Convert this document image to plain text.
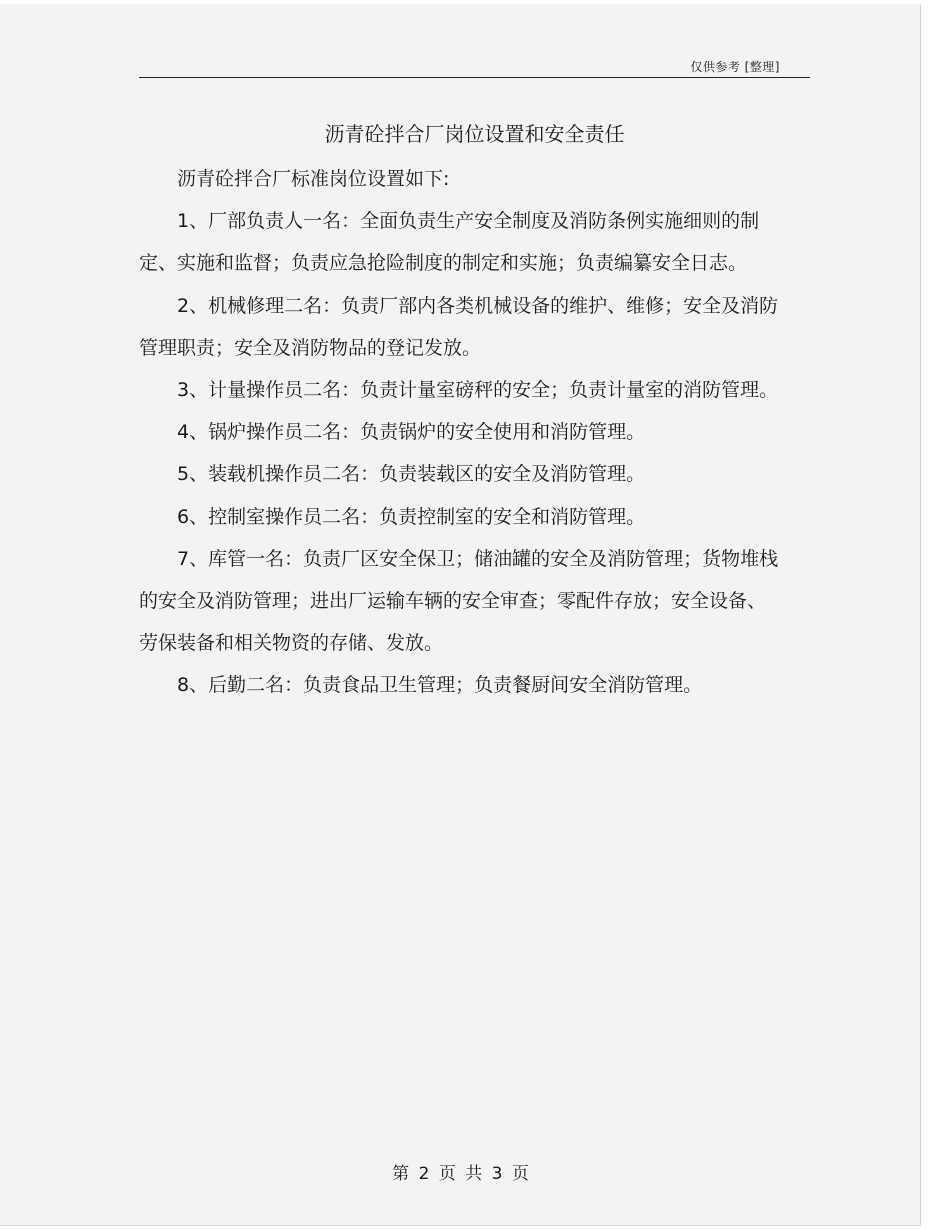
仅供参考 [整理]
沥青砼拌合厂岗位设置和安全责任

沥青砼拌合厂标准岗位设置如下:

1、厂部负责人一名：全面负责生产安全制度及消防条例实施细则的制定、实施和监督；负责应急抢险制度的制定和实施；负责编纂安全日志。

2、机械修理二名：负责厂部内各类机械设备的维护、维修；安全及消防管理职责；安全及消防物品的登记发放。

3、计量操作员二名：负责计量室磅秤的安全；负责计量室的消防管理。

4、锅炉操作员二名：负责锅炉的安全使用和消防管理。

5、装载机操作员二名：负责装载区的安全及消防管理。

6、控制室操作员二名：负责控制室的安全和消防管理。

7、库管一名：负责厂区安全保卫；储油罐的安全及消防管理；货物堆栈的安全及消防管理；进出厂运输车辆的安全审查；零配件存放；安全设备、劳保装备和相关物资的存储、发放。

8、后勤二名：负责食品卫生管理；负责餐厨间安全消防管理。

第 2 页 共 3 页
